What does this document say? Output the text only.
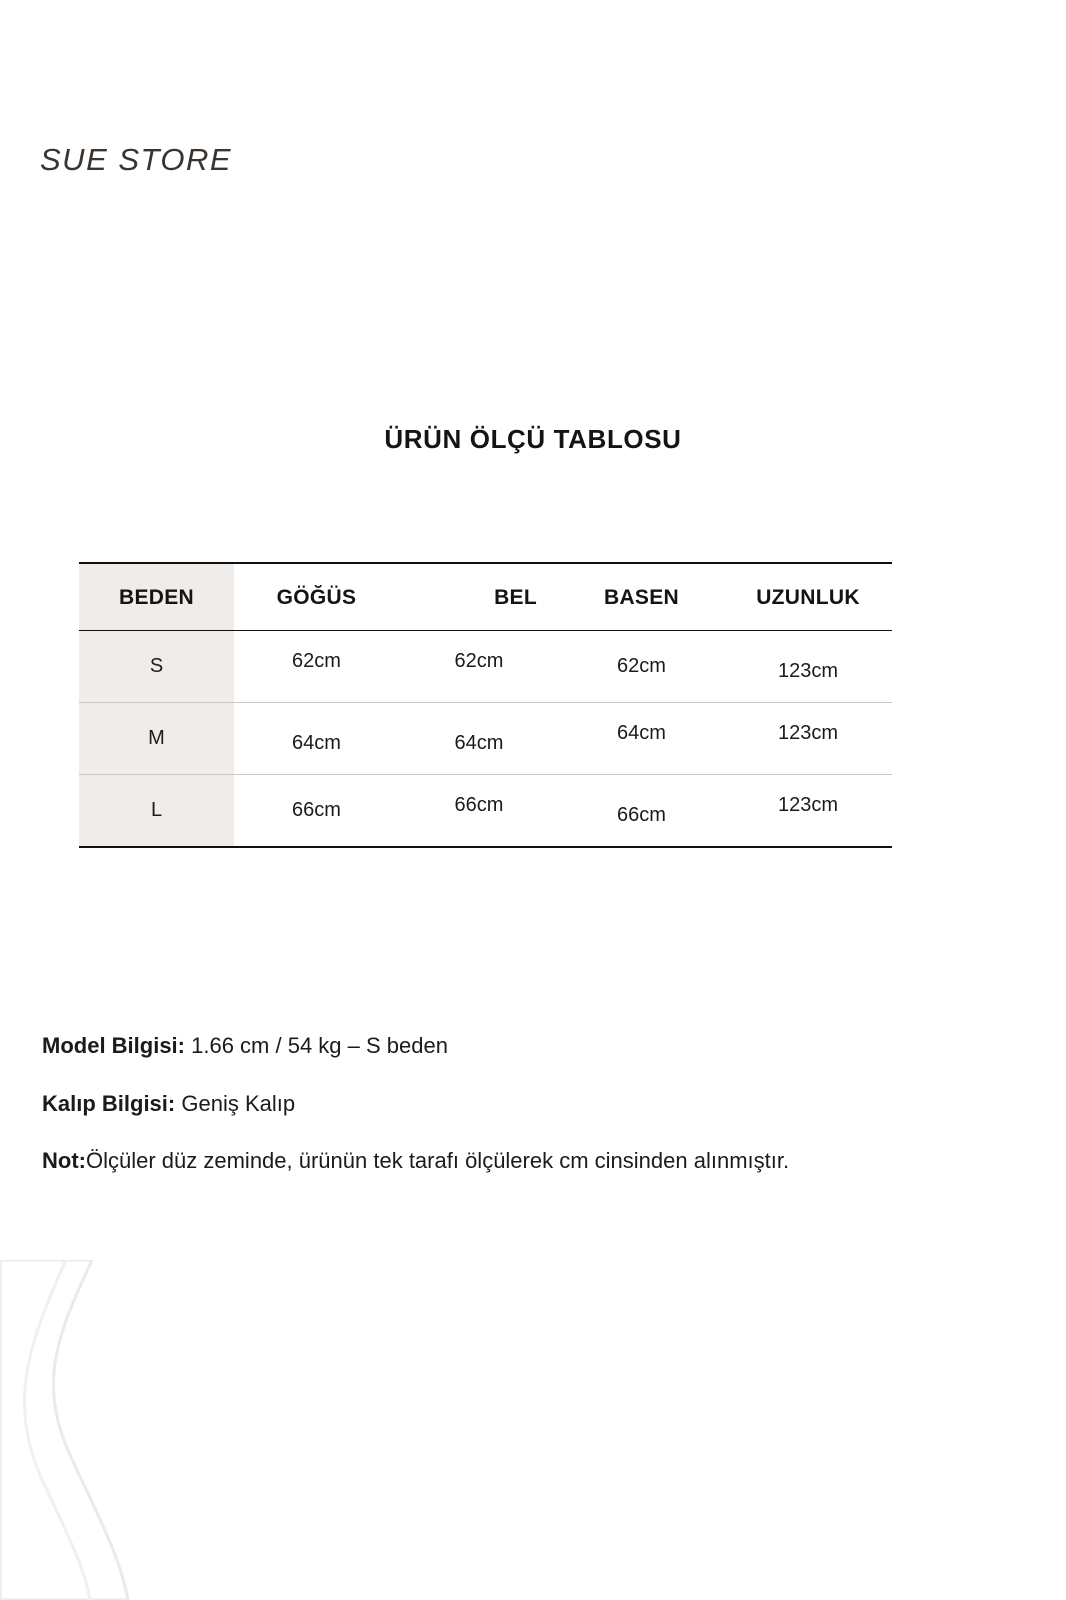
SUE STORE
ÜRÜN ÖLÇÜ TABLOSU
BEDEN	GÖĞÜS	BEL	BASEN	UZUNLUK
S	62cm	62cm	62cm	123cm
M	64cm	64cm	64cm	123cm
L	66cm	66cm	66cm	123cm
Model Bilgisi: 1.66 cm / 54 kg – S beden
Kalıp Bilgisi: Geniş Kalıp
Not:Ölçüler düz zeminde, ürünün tek tarafı ölçülerek cm cinsinden alınmıştır.
